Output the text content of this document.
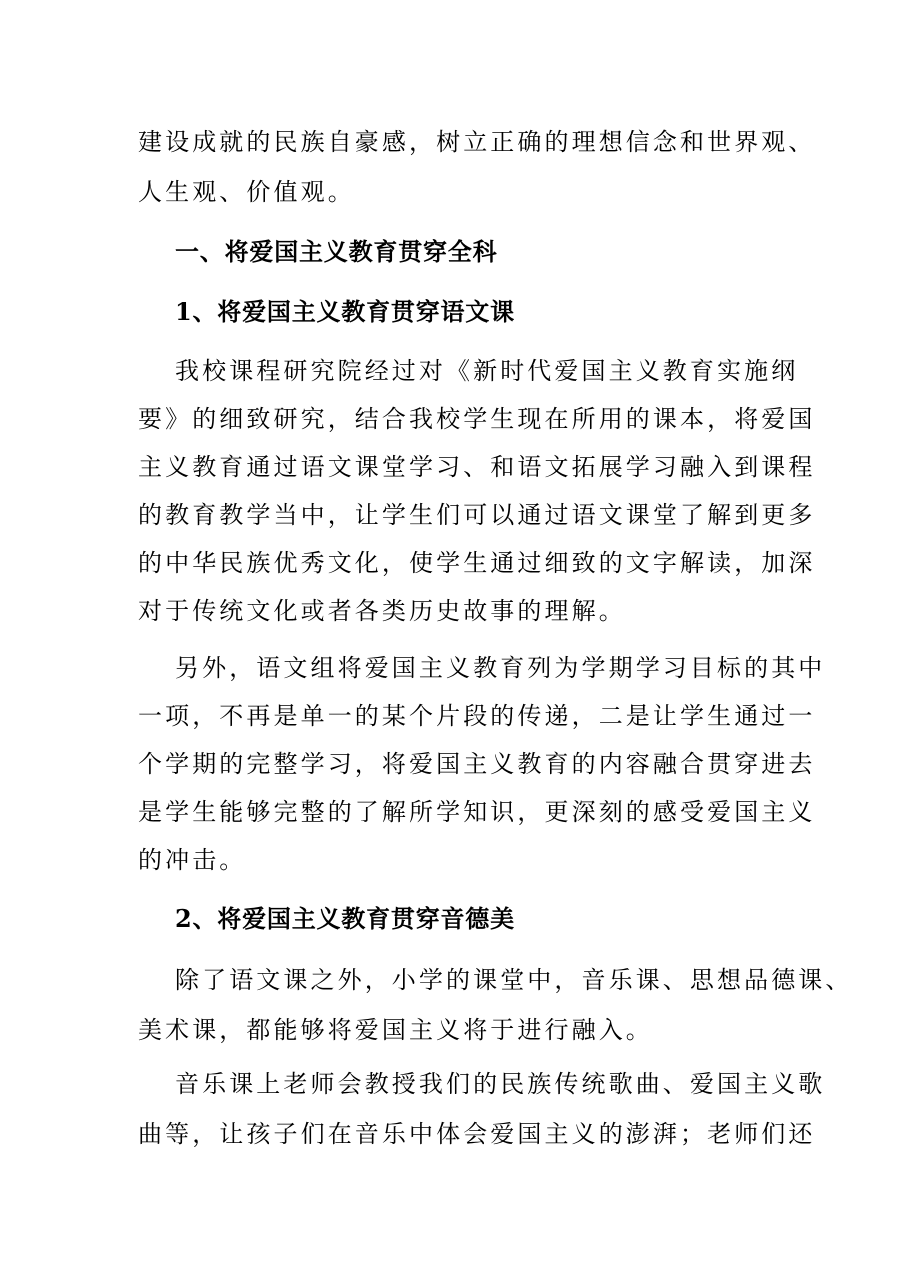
建设成就的民族自豪感，树立正确的理想信念和世界观、
人生观、价值观。
一、将爱国主义教育贯穿全科
1、将爱国主义教育贯穿语文课
我校课程研究院经过对《新时代爱国主义教育实施纲
要》的细致研究，结合我校学生现在所用的课本，将爱国
主义教育通过语文课堂学习、和语文拓展学习融入到课程
的教育教学当中，让学生们可以通过语文课堂了解到更多
的中华民族优秀文化，使学生通过细致的文字解读，加深
对于传统文化或者各类历史故事的理解。
另外，语文组将爱国主义教育列为学期学习目标的其中
一项，不再是单一的某个片段的传递，二是让学生通过一
个学期的完整学习，将爱国主义教育的内容融合贯穿进去
是学生能够完整的了解所学知识，更深刻的感受爱国主义
的冲击。
2、将爱国主义教育贯穿音德美
除了语文课之外，小学的课堂中，音乐课、思想品德课、
美术课，都能够将爱国主义将于进行融入。
音乐课上老师会教授我们的民族传统歌曲、爱国主义歌
曲等，让孩子们在音乐中体会爱国主义的澎湃；老师们还
